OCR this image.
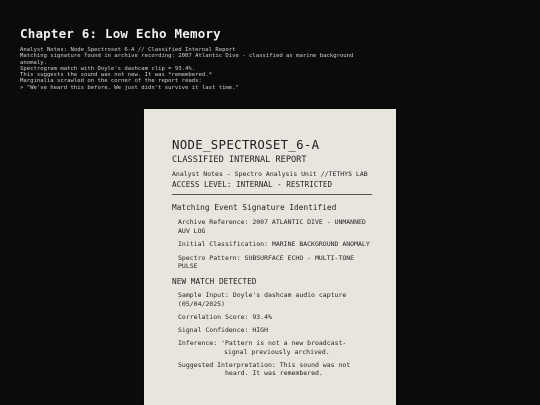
Chapter 6: Low Echo Memory
Analyst Notes: Node_Spectroset 6-A // Classified Internal Report
Matching signature found in archive recording: 2007 Atlantic Dive - classified as marine background anomaly.
Spectrogram match with Doyle's dashcam clip = 93.4%.
This suggests the sound was not new. It was *remembered.*
Marginalia scrawled on the corner of the report reads:
> "We've heard this before. We just didn't survive it last time."
NODE_SPECTROSET_6-A
CLASSIFIED INTERNAL REPORT
Analyst Notes - Spectro Analysis Unit //TETHYS LAB
ACCESS LEVEL: INTERNAL - RESTRICTED
Matching Event Signature Identified
Archive Reference: 2007 ATLANTIC DIVE - UNMANNED AUV LOG
Initial Classification: MARINE BACKGROUND ANOMALY
Spectro Pattern: SUBSURFACE ECHO - MULTI-TONE PULSE
NEW MATCH DETECTED
Sample Input: Doyle's dashcam audio capture (05/04/2025)
Correlation Score: 93.4%
Signal Confidence: HIGH
Inference: 'Pattern is not a new broadcast-
signal previously archived.
Suggested Interpretation: This sound was not
heard. It was remembered.
